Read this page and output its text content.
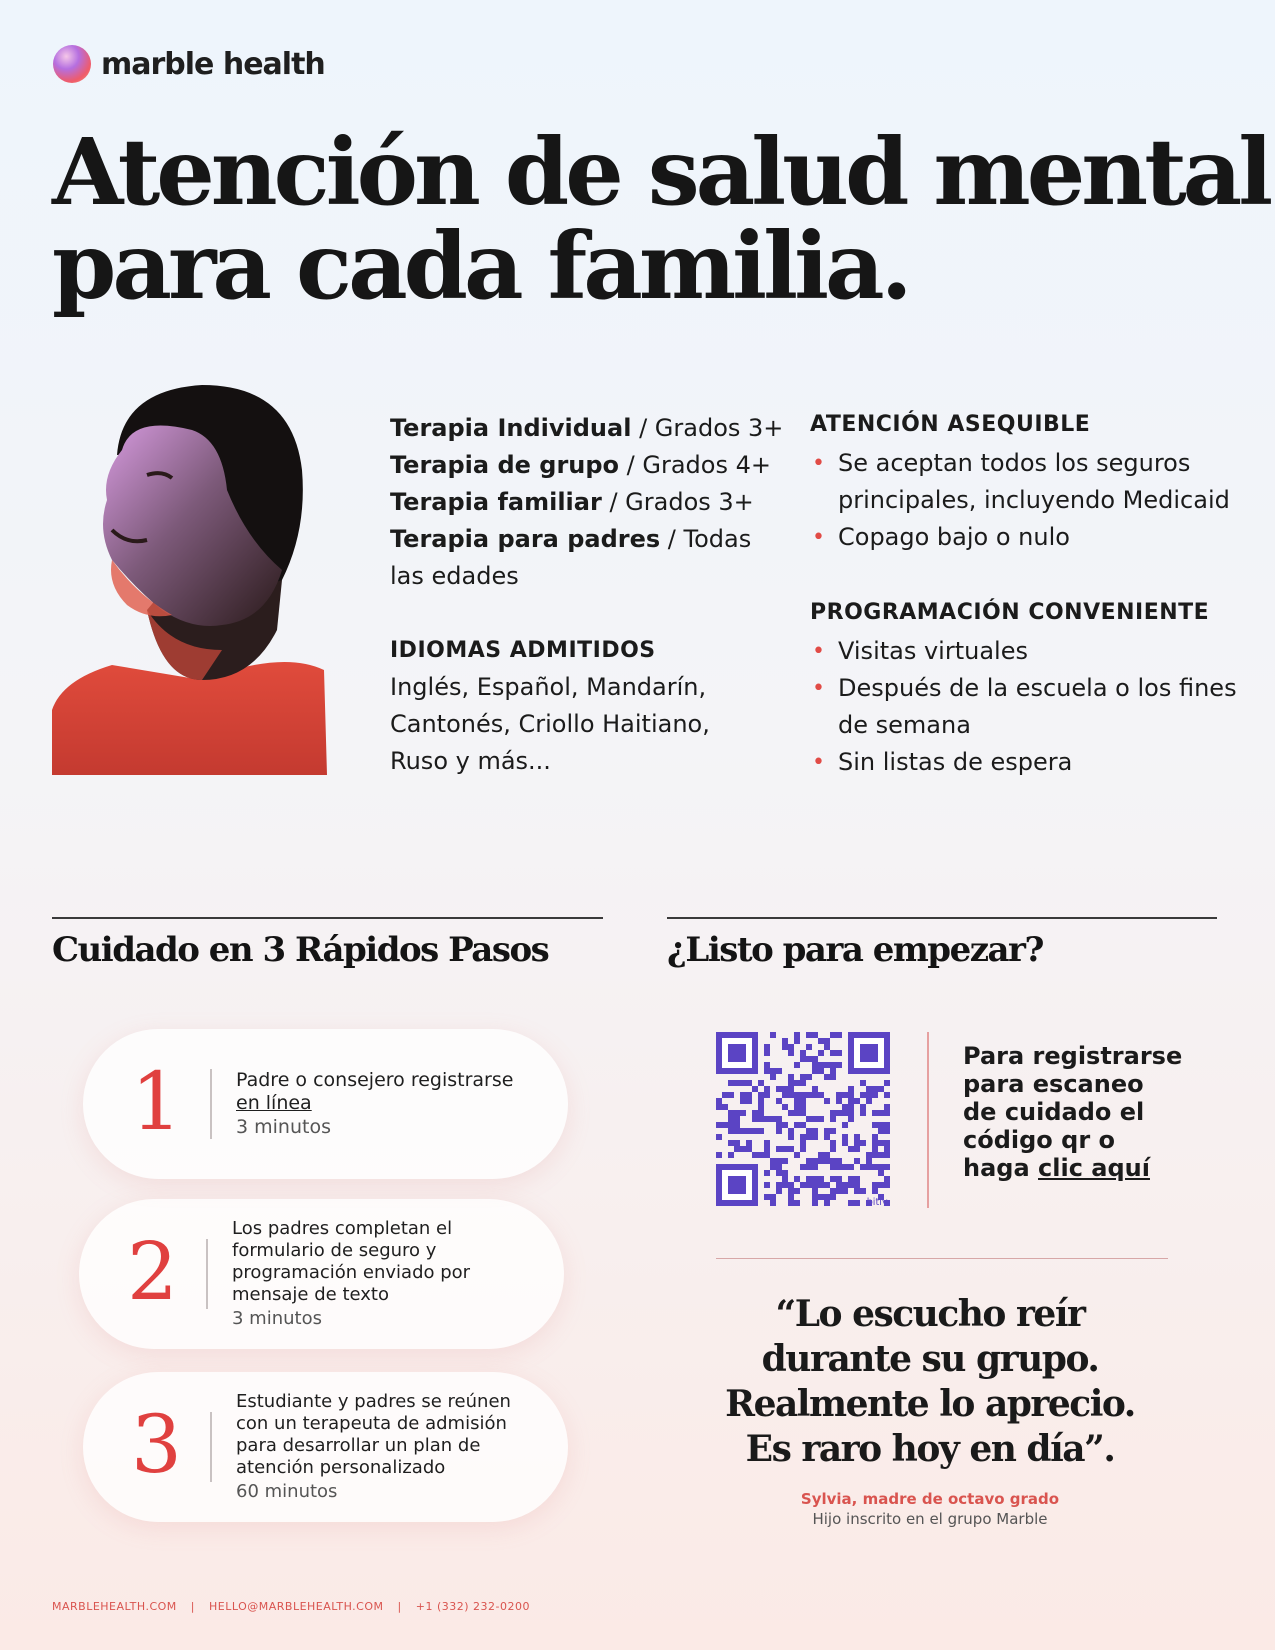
marble health
Atención de salud mental
para cada familia.
Terapia Individual / Grados 3+
Terapia de grupo / Grados 4+
Terapia familiar / Grados 3+
Terapia para padres / Todas las edades
IDIOMAS ADMITIDOS
Inglés, Español, Mandarín, Cantonés, Criollo Haitiano, Ruso y más...
ATENCIÓN ASEQUIBLE
• Se aceptan todos los seguros principales, incluyendo Medicaid
• Copago bajo o nulo
PROGRAMACIÓN CONVENIENTE
• Visitas virtuales
• Después de la escuela o los fines de semana
• Sin listas de espera
Cuidado en 3 Rápidos Pasos	¿Listo para empezar?
1	Padre o consejero registrarse en línea
3 minutos
2	Los padres completan el formulario de seguro y programación enviado por mensaje de texto
3 minutos
3	Estudiante y padres se reúnen con un terapeuta de admisión para desarrollar un plan de atención personalizado
60 minutos
bitly
Para registrarse para escaneo de cuidado el código qr o haga clic aquí
“Lo escucho reír
durante su grupo.
Realmente lo aprecio.
Es raro hoy en día”.
Sylvia, madre de octavo grado
Hijo inscrito en el grupo Marble
MARBLEHEALTH.COM | HELLO@MARBLEHEALTH.COM | +1 (332) 232-0200
